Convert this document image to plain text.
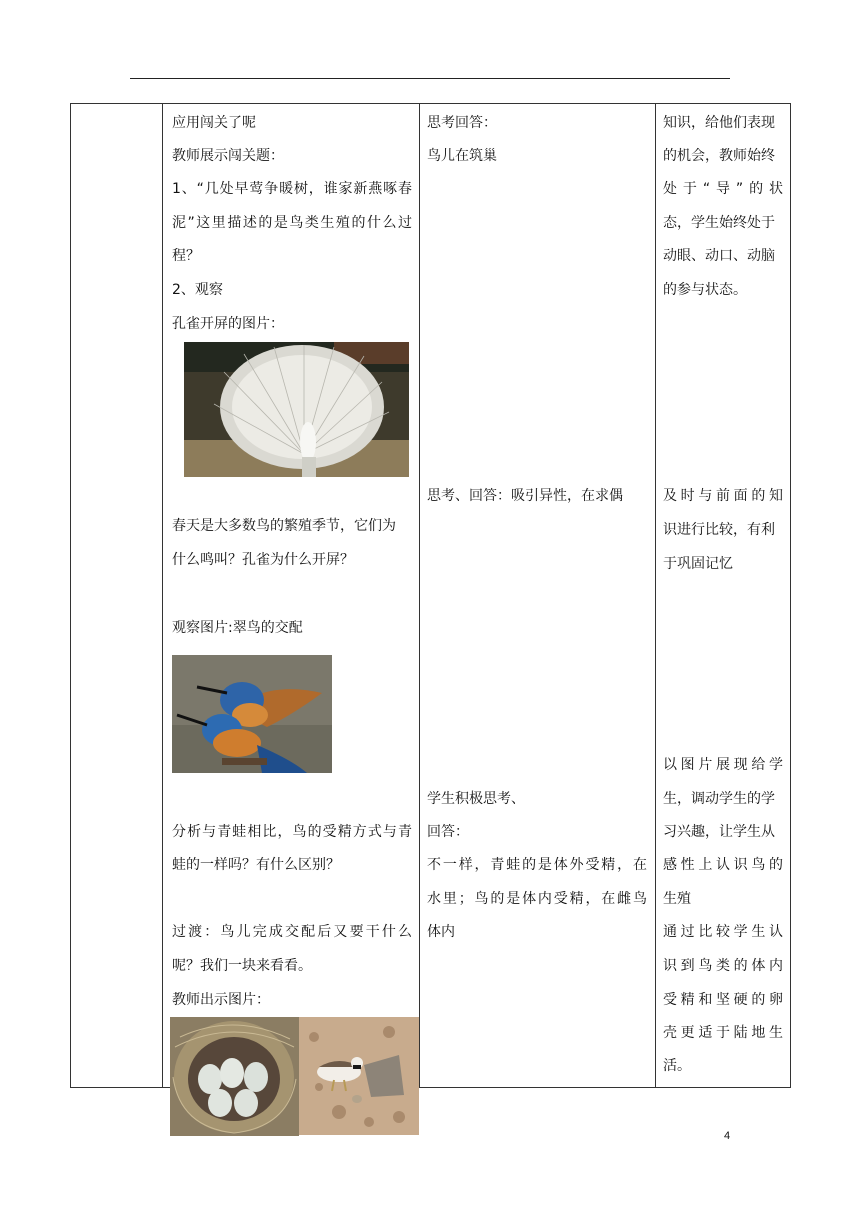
应用闯关了呢
教师展示闯关题：
1、“几处早莺争暖树，谁家新燕啄春
泥”这里描述的是鸟类生殖的什么过
程？
2、观察
孔雀开屏的图片：
春天是大多数鸟的繁殖季节，它们为
什么鸣叫？孔雀为什么开屏？
观察图片:翠鸟的交配
分析与青蛙相比，鸟的受精方式与青
蛙的一样吗？有什么区别？
过渡：鸟儿完成交配后又要干什么
呢？我们一块来看看。
教师出示图片：
思考回答：
鸟儿在筑巢
思考、回答：吸引异性，在求偶
学生积极思考、
回答：
不一样，青蛙的是体外受精，在
水里；鸟的是体内受精，在雌鸟
体内
知识，给他们表现
的机会，教师始终
处于“导”的状
态，学生始终处于
动眼、动口、动脑
的参与状态。
及时与前面的知
识进行比较，有利
于巩固记忆
以图片展现给学
生，调动学生的学
习兴趣，让学生从
感性上认识鸟的
生殖
通过比较学生认
识到鸟类的体内
受精和坚硬的卵
壳更适于陆地生
活。
4
